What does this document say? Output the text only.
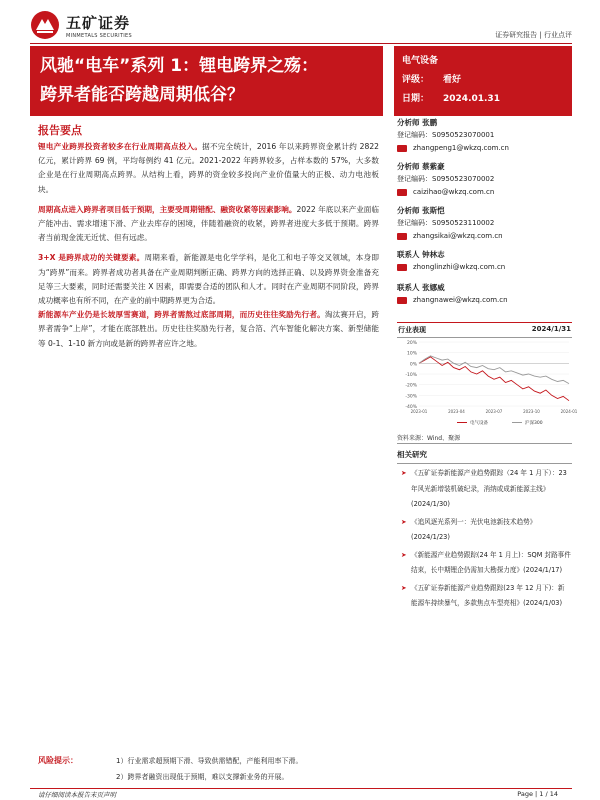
五矿证券
MINMETALS SECURITIES	证券研究报告 | 行业点评
风驰“电车”系列 1：锂电跨界之殇：
跨界者能否跨越周期低谷？
电气设备
评级： 看好
日期： 2024.01.31
报告要点

锂电产业跨界投资者较多在行业周期高点投入。据不完全统计，2016 年以来跨界资金累计约 2822 亿元，累计跨界 69 例，平均每例约 41 亿元。2021-2022 年跨界较多，占样本数的 57%，大多数企业是在行业周期高点跨界。从结构上看，跨界的资金较多投向产业价值量大的正极、动力电池板块。

周期高点进入跨界者项目低于预期，主要受周期错配、融资收紧等因素影响。2022 年底以来产业面临产能冲击、需求增速下滑、产业去库存的困境，伴随着融资的收紧，跨界者进度大多低于预期。跨界者当前现金流无近忧、但有远虑。

3+X 是跨界成功的关键要素。周期来看，新能源是电化学学科，是化工和电子等交叉领域，本身即为“跨界”而来。跨界者成功者具备在产业周期判断正确、跨界方向的选择正确、以及跨界资金准备充足等三大要素，同时还需要关注 X 因素，即需要合适的团队和人才。同时在产业周期不同阶段，跨界成功概率也有所不同，在产业的前中期跨界更为合适。

新能源车产业仍是长坡厚雪赛道，跨界者需熬过底部周期，而历史往往奖励先行者。淘汰赛开启，跨界者需争“上岸”，才能在底部胜出。历史往往奖励先行者，复合箔、汽车智能化解决方案、新型储能等 0-1、1-10 新方向或是新的跨界者应许之地。

分析师 张鹏
登记编码：S0950523070001
zhangpeng1@wkzq.com.cn
分析师 蔡紫豪
登记编码：S0950523070002
caizihao@wkzq.com.cn
分析师 张斯恺
登记编码：S0950523110002
zhangsikai@wkzq.com.cn
联系人 钟林志
zhonglinzhi@wkzq.com.cn
联系人 张娜威
zhangnawei@wkzq.com.cn
行业表现	2024/1/31
20%
10%
0%
-10%
-20%
-30%
-40%
2023-01	2023-04	2023-07	2023-10	2024-01
电气设备	沪深300
资料来源：Wind、聚源
相关研究
➤ 《五矿证券新能源产业趋势跟踪（24 年 1 月下）：23 年风光新增装机破纪录，消纳或成新能源主线》(2024/1/30)
➤ 《追风逐光系列一：光伏电池新技术趋势》(2024/1/23)
➤ 《新能源产业趋势跟踪(24 年 1 月上)：SQM 封路事件结束，长中期锂企仍需加大勘探力度》(2024/1/17)
➤ 《五矿证券新能源产业趋势跟踪(23 年 12 月下)：新能源车持续暴气，多款焦点车型亮相》(2024/1/03)
风险提示：	1）行业需求超预期下滑、导致供需错配，产能利用率下滑。
2）跨界者融资出现低于预期，难以支撑新业务的开展。
请仔细阅读本报告末页声明	Page | 1 / 14
